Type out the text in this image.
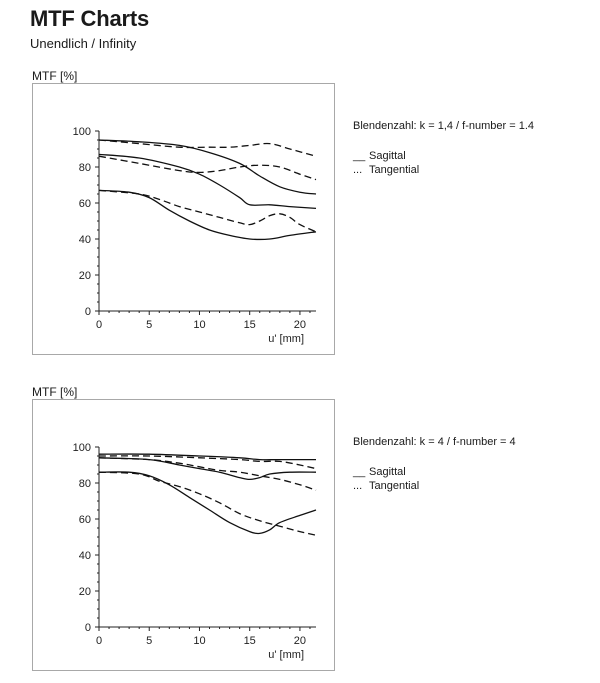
MTF Charts
Unendlich / Infinity
MTF [%]
0
20
40
60
80
100
0	5	10	15	20
u' [mm]
Blendenzahl: k = 1,4 / f-number = 1.4
__ Sagittal
... Tangential
MTF [%]
0
20
40
60
80
100
0	5	10	15	20
u' [mm]
Blendenzahl: k = 4 / f-number = 4
__ Sagittal
... Tangential
